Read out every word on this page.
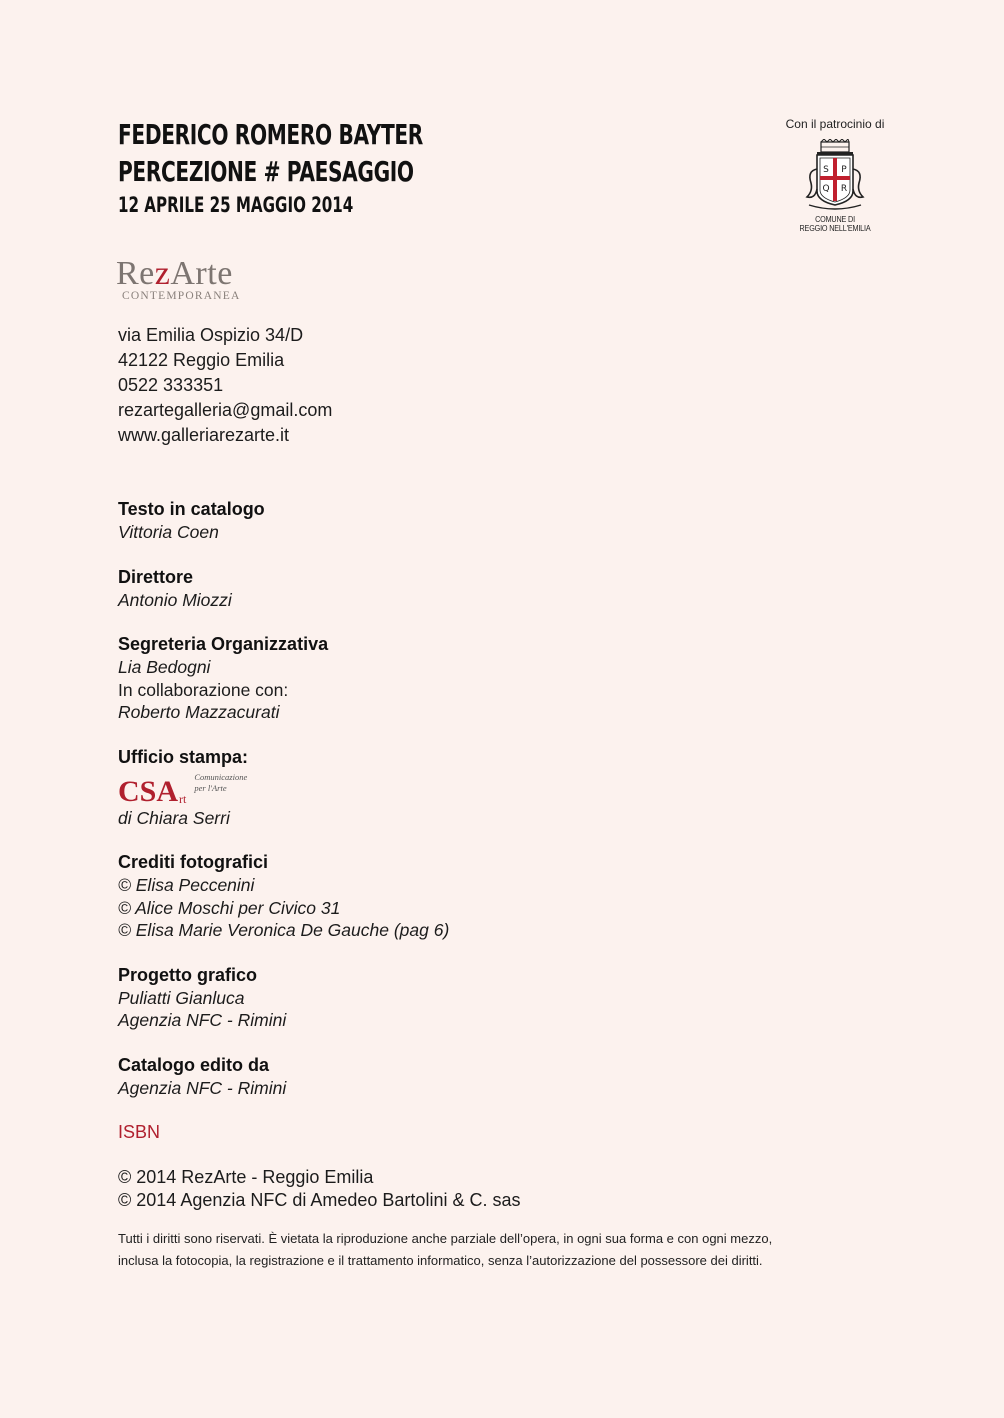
FEDERICO ROMERO BAYTER
PERCEZIONE # PAESAGGIO
12 APRILE 25 MAGGIO 2014
Con il patrocinio di
S P
Q R
COMUNE DI
REGGIO NELL'EMILIA
RezArte
CONTEMPORANEA
via Emilia Ospizio 34/D
42122 Reggio Emilia
0522 333351
rezartegalleria@gmail.com
www.galleriarezarte.it
Testo in catalogo
Vittoria Coen
Direttore
Antonio Miozzi
Segreteria Organizzativa
Lia Bedogni
In collaborazione con:
Roberto Mazzacurati
Ufficio stampa:
CSA rt
Comunicazione
per l'Arte
di Chiara Serri
Crediti fotografici
© Elisa Peccenini
© Alice Moschi per Civico 31
© Elisa Marie Veronica De Gauche (pag 6)
Progetto grafico
Puliatti Gianluca
Agenzia NFC - Rimini
Catalogo edito da
Agenzia NFC - Rimini
ISBN
© 2014 RezArte - Reggio Emilia
© 2014 Agenzia NFC di Amedeo Bartolini & C. sas
Tutti i diritti sono riservati. È vietata la riproduzione anche parziale dell’opera, in ogni sua forma e con ogni mezzo,
inclusa la fotocopia, la registrazione e il trattamento informatico, senza l’autorizzazione del possessore dei diritti.
